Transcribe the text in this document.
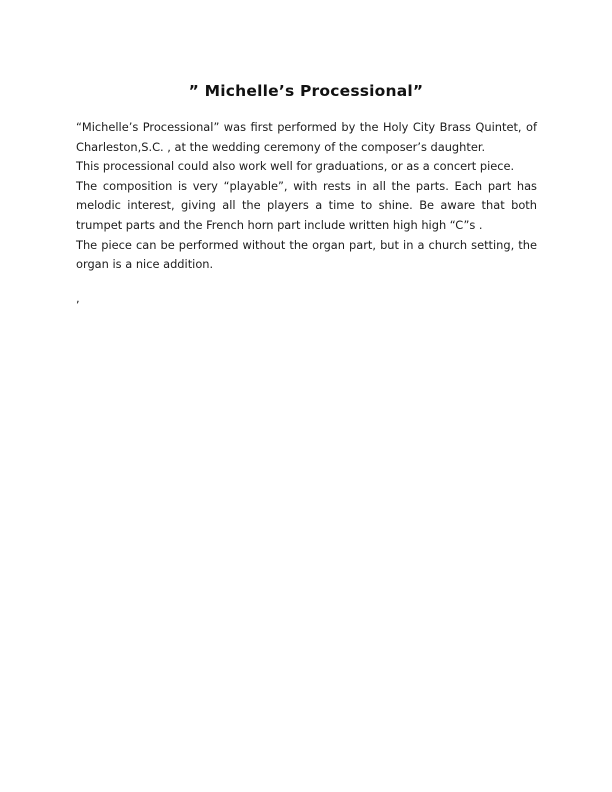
” Michelle’s Processional”

“Michelle’s Processional” was first performed by the Holy City Brass Quintet, of Charleston,S.C. , at the wedding ceremony of the composer’s daughter.

This processional could also work well for graduations, or as a concert piece.

The composition is very “playable”, with rests in all the parts. Each part has melodic interest, giving all the players a time to shine. Be aware that both trumpet parts and the French horn part include written high high “C”s .

The piece can be performed without the organ part, but in a church setting, the organ is a nice addition.

,
